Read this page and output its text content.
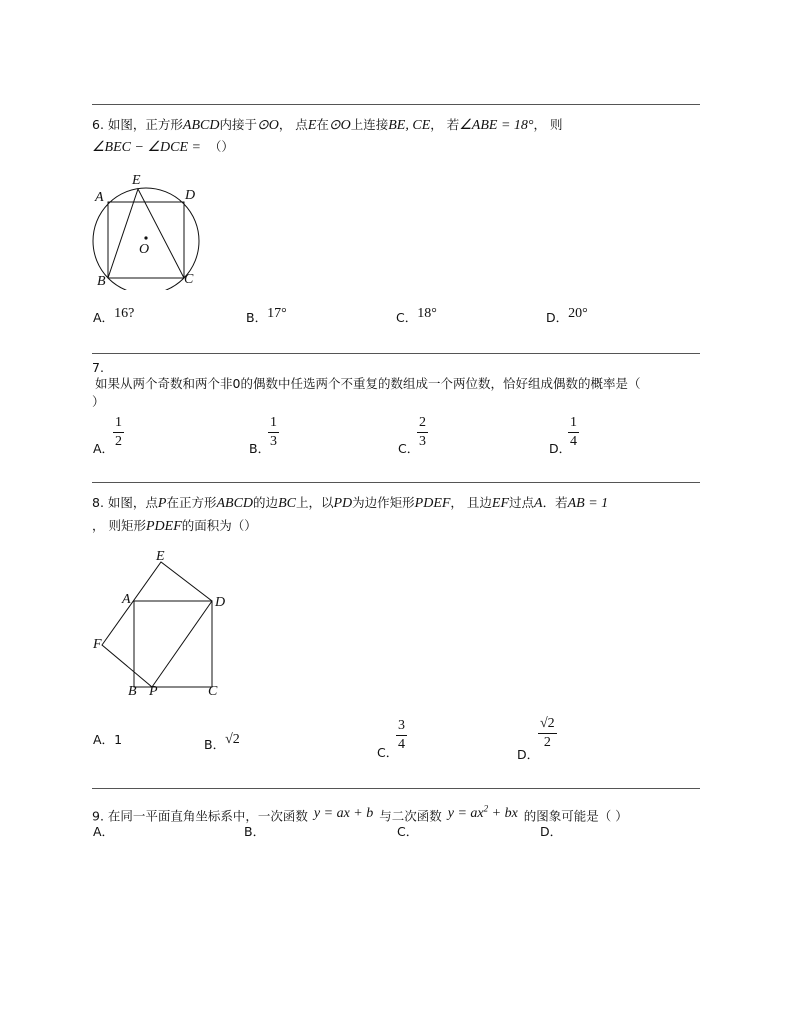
6. 如图，正方形ABCD内接于⊙O， 点E在⊙O上连接BE, CE， 若∠ABE = 18°， 则
∠BEC − ∠DCE = （）
A
E
D
O
B	C
A．16?	B．17°	C．18°	D．20°
7.
如果从两个奇数和两个非0的偶数中任选两个不重复的数组成一个两位数，恰好组成偶数的概率是（
）
A．
1
2	B．
1
3	C．
2
3	D．
1
4
8. 如图，点P在正方形ABCD的边BC上，以PD为边作矩形PDEF， 且边EF过点A．若AB = 1
， 则矩形PDEF的面积为（）
E
A	D
F
B P	C
A．1	B．√2
C．
3
4
D．
√2
2
9. 在同一平面直角坐标系中，一次函数 y = ax + b 与二次函数 $y = ax^2$ + bx 的图象可能是（ ）
A．	B．	C．	D．
